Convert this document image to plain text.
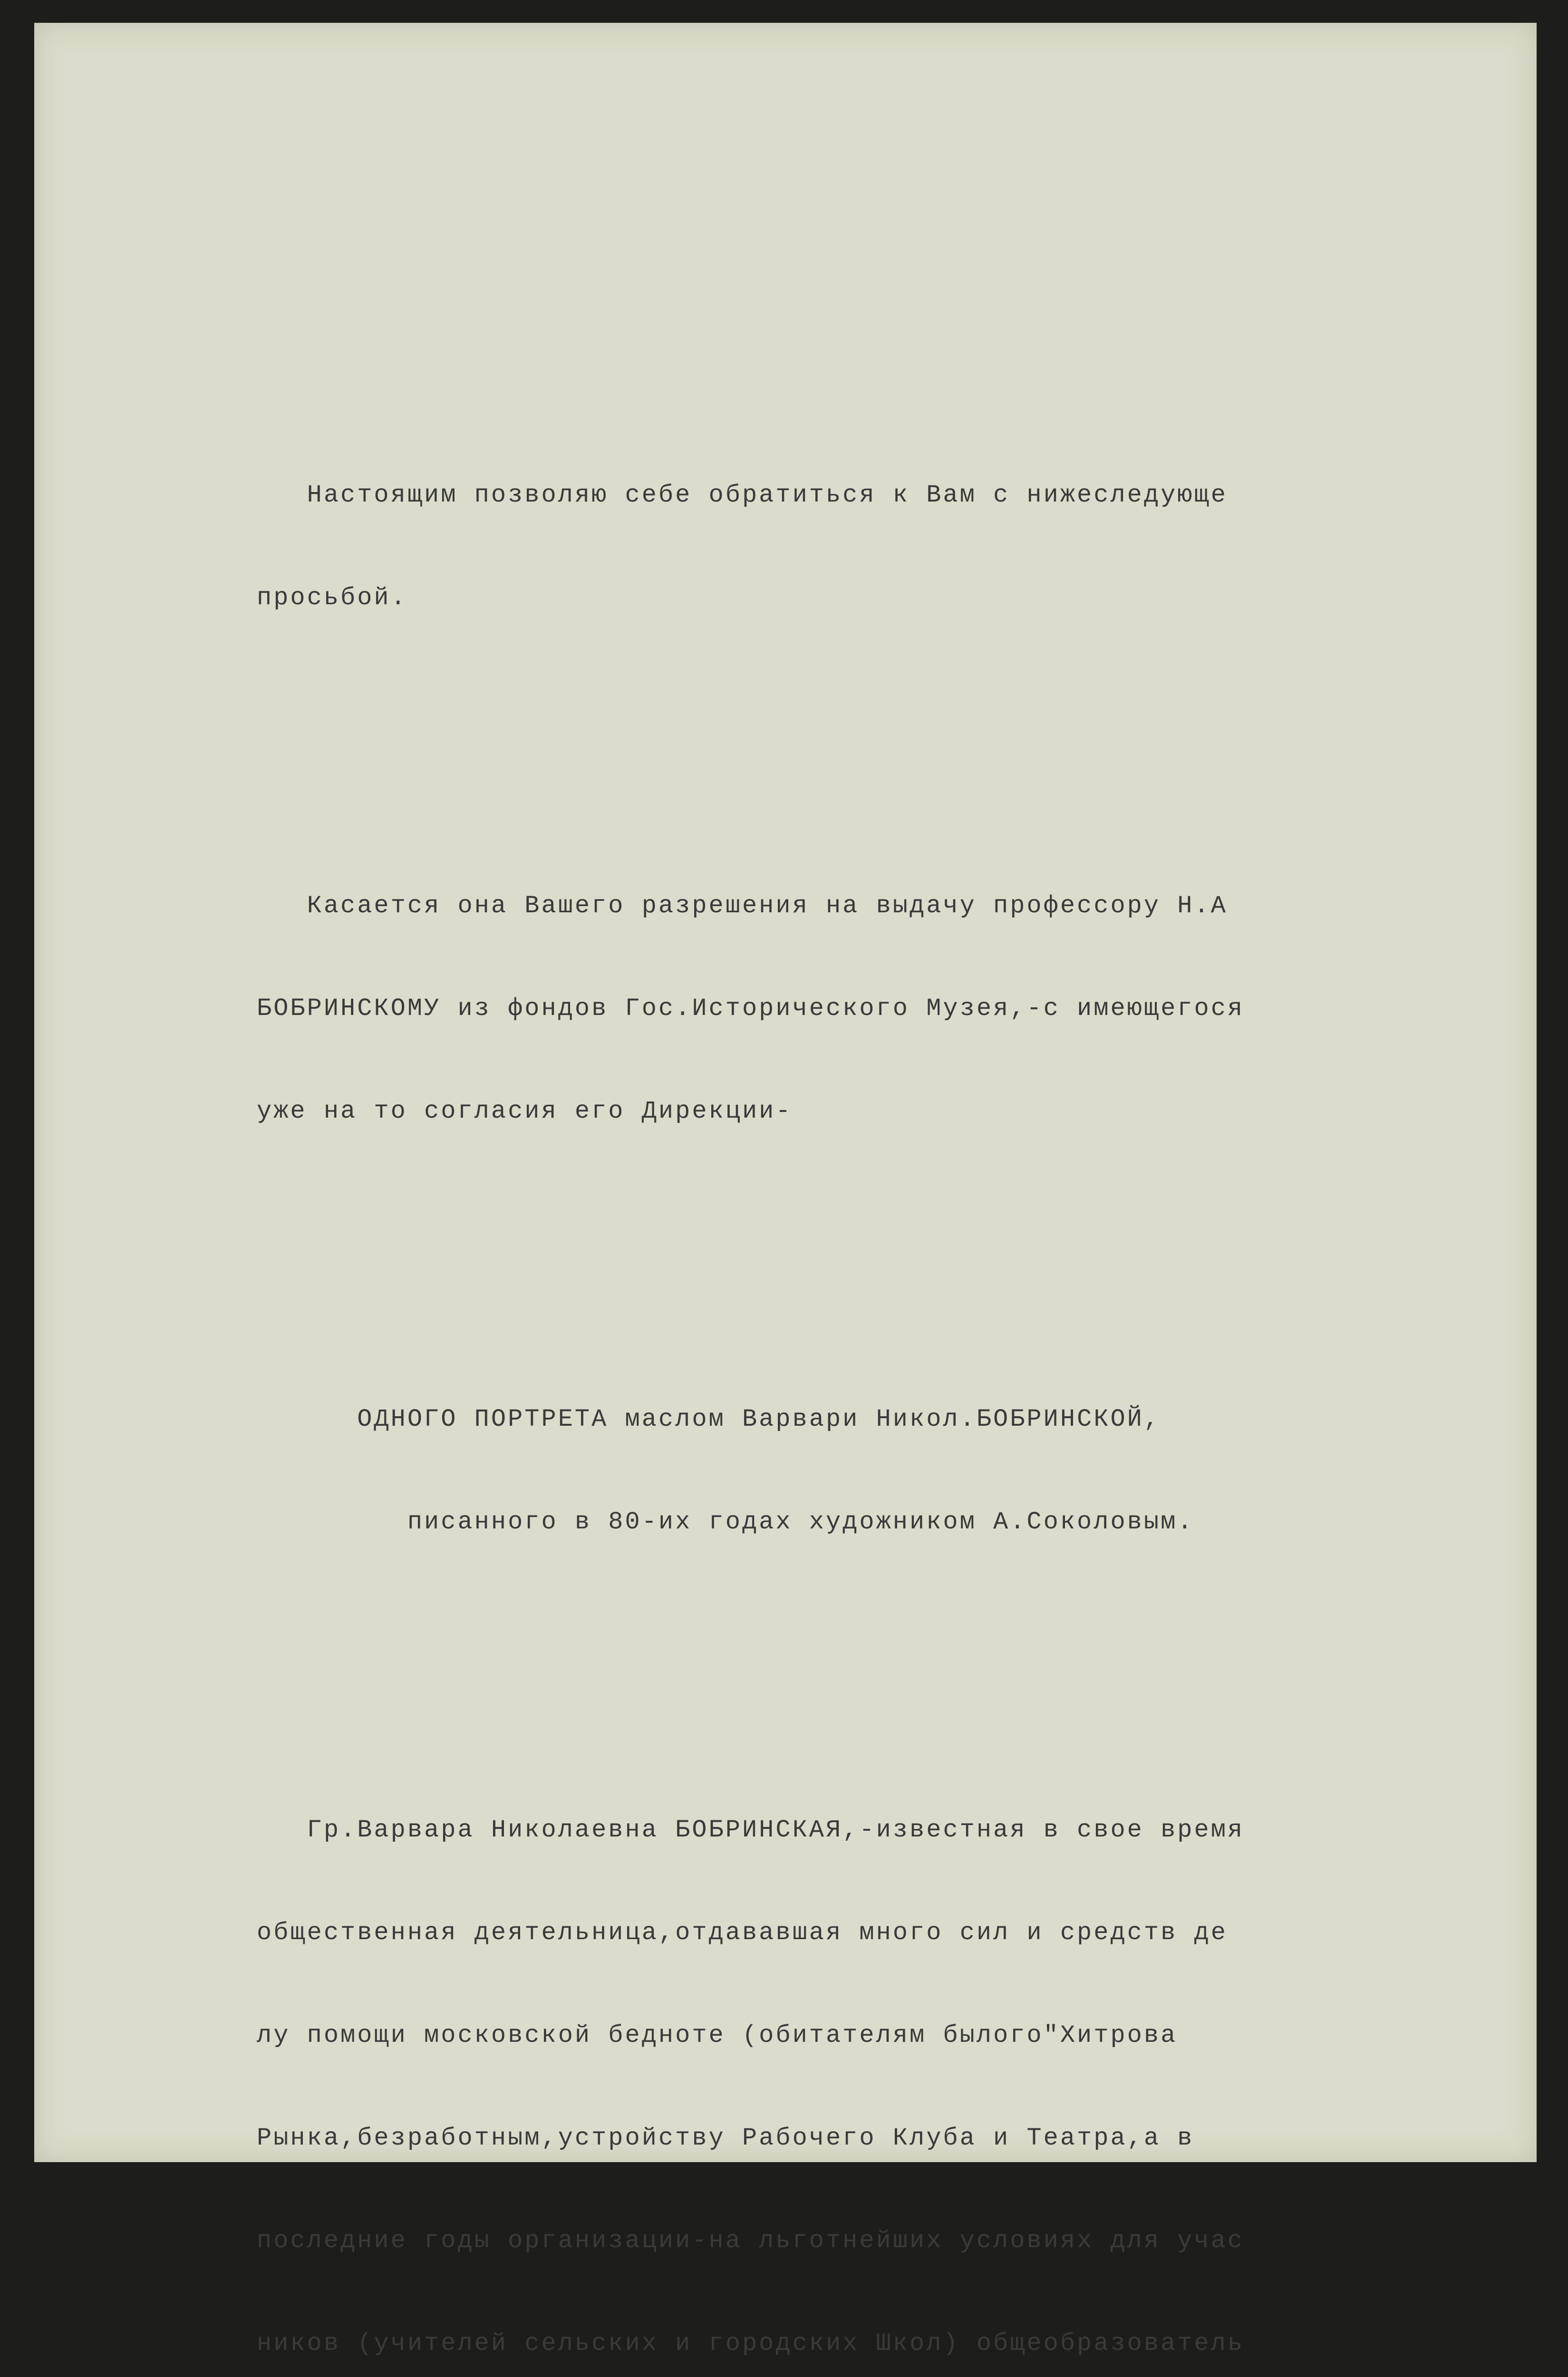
Настоящим позволяю себе обратиться к Вам с нижеследующе

просьбой.

Касается она Вашего разрешения на выдачу профессору Н.А

БОБРИНСКОМУ из фондов Гос.Исторического Музея,-с имеющегося

уже на то согласия его Дирекции-

ОДНОГО ПОРТРЕТА маслом Варвари Никол.БОБРИНСКОЙ,

писанного в 80-их годах художником А.Соколовым.

Гр.Варвара Николаевна БОБРИНСКАЯ,-известная в свое время

общественная деятельница,отдававшая много сил и средств де

лу помощи московской бедноте (обитателям былого"Хитрова

Рынка,безработным,устройству Рабочего Клуба и Театра,а в

последние годы организации-на льготнейших условиях для учас

ников (учителей сельских и городских Школ) общеобразователь
